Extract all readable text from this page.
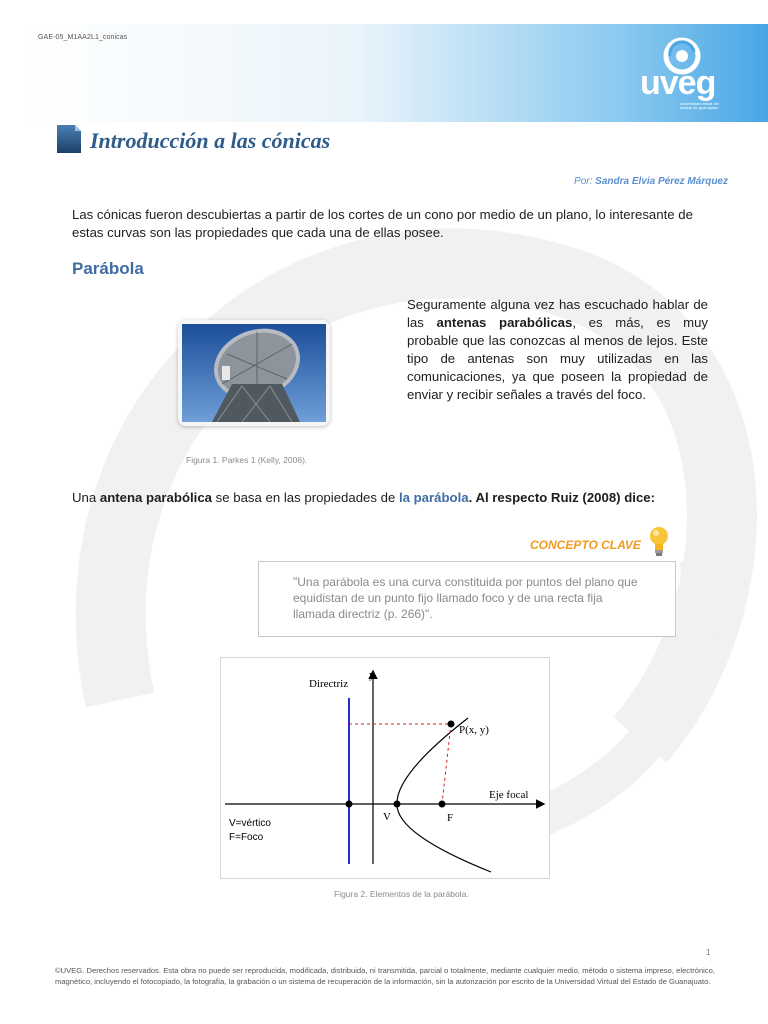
GAE-05_M1AA2L1_conicas
uveg
universidad virtual del estado de guanajuato
Introducción a las cónicas
Por: Sandra Elvia Pérez Márquez
Las cónicas fueron descubiertas a partir de los cortes de un cono por medio de un plano, lo interesante de estas curvas son las propiedades que cada una de ellas posee.
Parábola
Seguramente alguna vez has escuchado hablar de las antenas parabólicas, es más, es muy probable que las conozcas al menos de lejos. Este tipo de antenas son muy utilizadas en las comunicaciones, ya que poseen la propiedad de enviar y recibir señales a través del foco.
Figura 1. Parkes 1 (Kelly, 2006).
Una antena parabólica se basa en las propiedades de la parábola. Al respecto Ruiz (2008) dice:
CONCEPTO CLAVE
"Una parábola es una curva constituida por puntos del plano que equidistan de un punto fijo llamado foco y de una recta fija llamada directriz (p. 266)".
Directriz
y
P(x, y)
Eje focal
V	F
V=vértico
F=Foco
Figura 2. Elementos de la parábola.
1
©UVEG. Derechos reservados. Esta obra no puede ser reproducida, modificada, distribuida, ni transmitida, parcial o totalmente, mediante cualquier medio, método o sistema impreso, electrónico, magnético, incluyendo el fotocopiado, la fotografía, la grabación o un sistema de recuperación de la información, sin la autorización por escrito de la Universidad Virtual del Estado de Guanajuato.
